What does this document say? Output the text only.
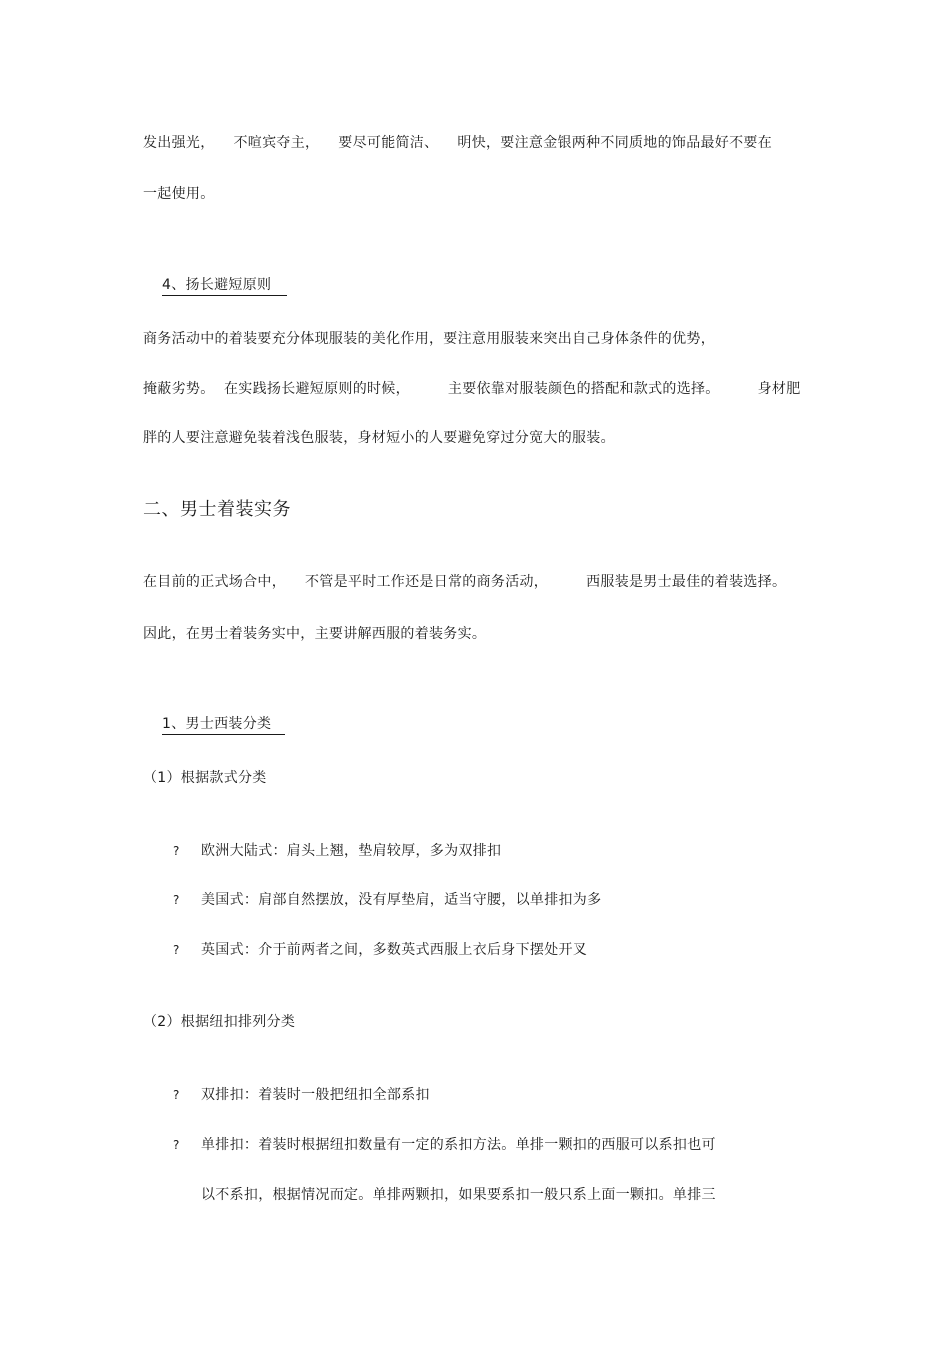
发出强光，    不喧宾夺主，    要尽可能简洁、    明快，要注意金银两种不同质地的饰品最好不要在
一起使用。

4、扬长避短原则

商务活动中的着装要充分体现服装的美化作用，要注意用服装来突出自己身体条件的优势，
掩蔽劣势。  在实践扬长避短原则的时候，        主要依靠对服装颜色的搭配和款式的选择。        身材肥
胖的人要注意避免装着浅色服装，身材短小的人要避免穿过分宽大的服装。
二、男士着装实务
在目前的正式场合中，    不管是平时工作还是日常的商务活动，        西服装是男士最佳的着装选择。
因此，在男士着装务实中，主要讲解西服的着装务实。

1、男士西装分类

（1）根据款式分类
? 欧洲大陆式：肩头上翘，垫肩较厚，多为双排扣
? 美国式：肩部自然摆放，没有厚垫肩，适当守腰，以单排扣为多
? 英国式：介于前两者之间，多数英式西服上衣后身下摆处开叉
（2）根据纽扣排列分类
? 双排扣：着装时一般把纽扣全部系扣
? 单排扣：着装时根据纽扣数量有一定的系扣方法。单排一颗扣的西服可以系扣也可
以不系扣，根据情况而定。单排两颗扣，如果要系扣一般只系上面一颗扣。单排三
